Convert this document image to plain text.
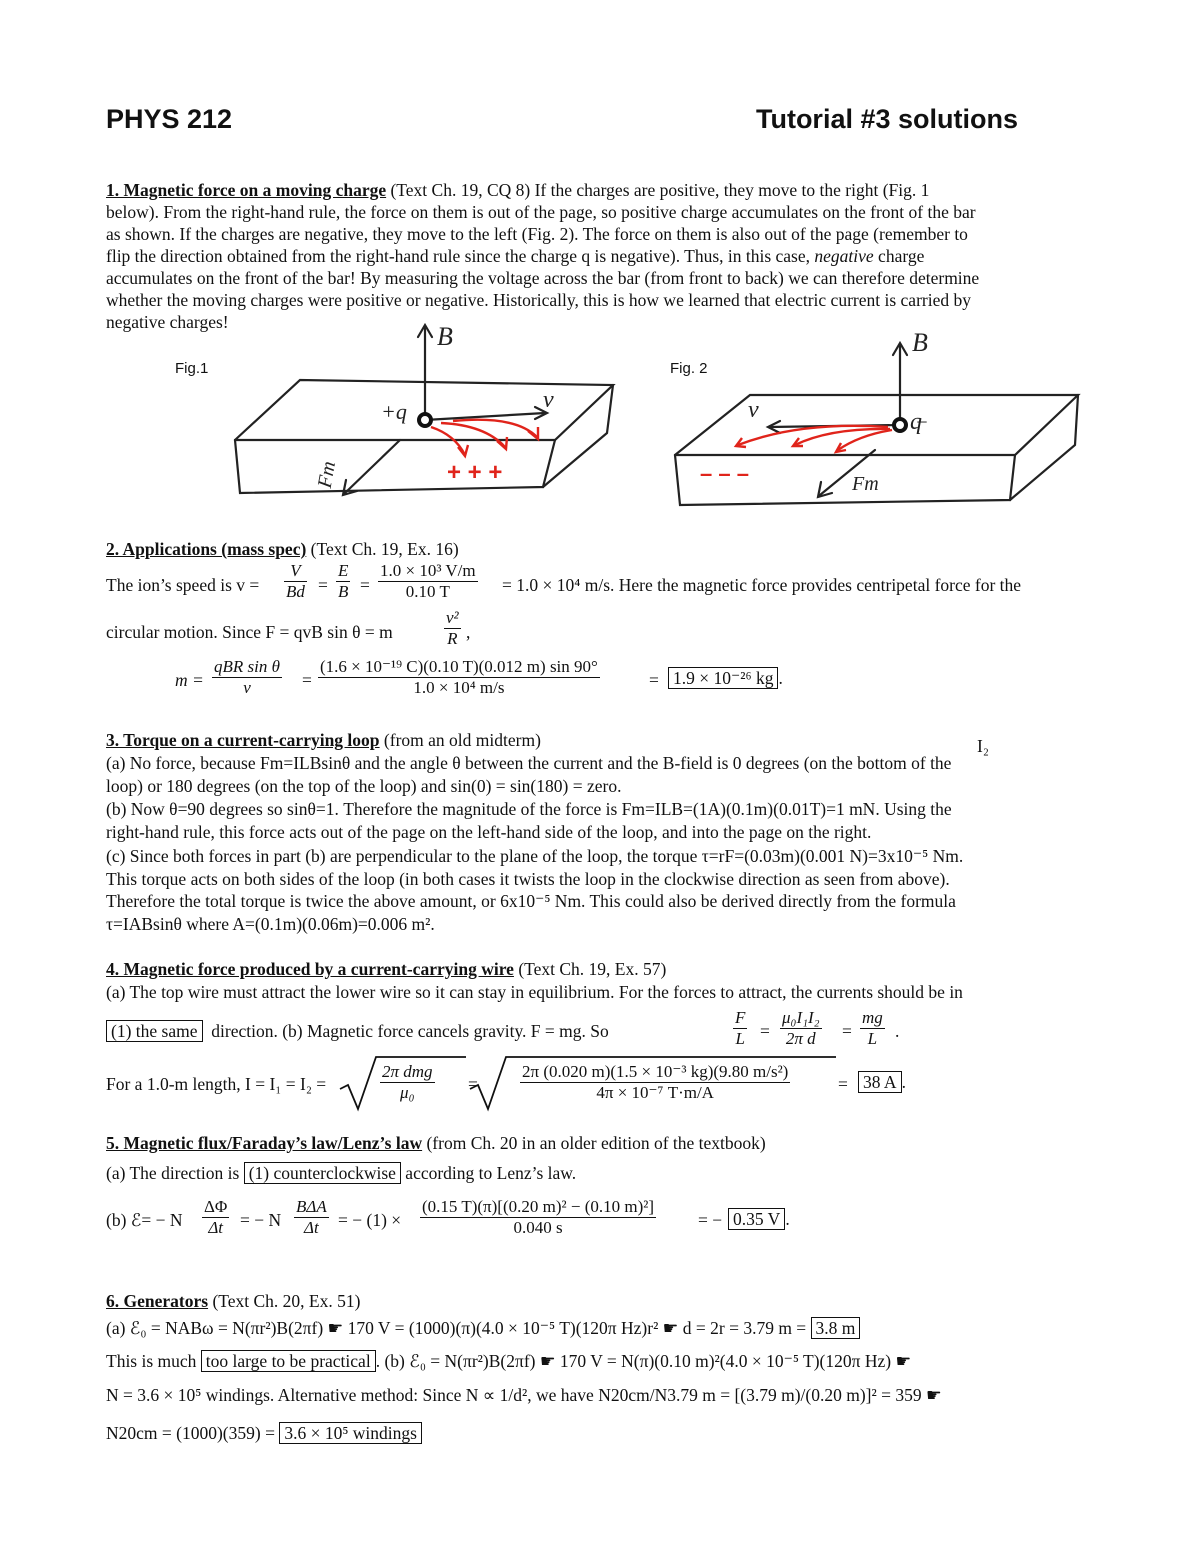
PHYS 212	Tutorial #3 solutions
1. Magnetic force on a moving charge (Text Ch. 19, CQ 8) If the charges are positive, they move to the right (Fig. 1
below). From the right-hand rule, the force on them is out of the page, so positive charge accumulates on the front of the bar
as shown. If the charges are negative, they move to the left (Fig. 2). The force on them is also out of the page (remember to
flip the direction obtained from the right-hand rule since the charge q is negative). Thus, in this case, negative charge
accumulates on the front of the bar! By measuring the voltage across the bar (from front to back) we can therefore determine
whether the moving charges were positive or negative. Historically, this is how we learned that electric current is carried by
negative charges!
Fig.1
B
+q	v
Fm	+ + +
Fig. 2
B
q
‾
v
Fm
– – –
2. Applications (mass spec) (Text Ch. 19, Ex. 16)
The ion’s speed is $v = \frac{V}{Bd} = \frac{E}{B} = \frac{\text{1.0 × 10³ V/m}}{0.10 T} = 1.0 \times 10^4$ m/s. Here the magnetic force provides centripetal force for the
circular motion. Since F = qvB sin θ = m	$\frac{\text{v²}}{R}$ ,
m =
qBR sin θ
v	= $\frac{\text{(1.6 × 10⁻¹⁹ C)(0.10 T)(0.012 m) sin 90°}}{\text{1.0 × 10⁴ m/s}}$	= 1.9 × 10⁻²⁶ kg .
3. Torque on a current-carrying loop (from an old midterm)	I₂
(a) No force, because Fm=ILBsinθ and the angle θ between the current and the B-field is 0 degrees (on the bottom of the
loop) or 180 degrees (on the top of the loop) and sin(0) = sin(180) = zero.
(b) Now θ=90 degrees so sinθ=1. Therefore the magnitude of the force is Fm=ILB=(1A)(0.1m)(0.01T)=1 mN. Using the
right-hand rule, this force acts out of the page on the left-hand side of the loop, and into the page on the right.
(c) Since both forces in part (b) are perpendicular to the plane of the loop, the torque τ=rF=(0.03m)(0.001 N)=3x10⁻⁵ Nm.
This torque acts on both sides of the loop (in both cases it twists the loop in the clockwise direction as seen from above).
Therefore the total torque is twice the above amount, or 6x10⁻⁵ Nm. This could also be derived directly from the formula
τ=IABsinθ where A=(0.1m)(0.06m)=0.006 m².
4. Magnetic force produced by a current-carrying wire (Text Ch. 19, Ex. 57)
(a) The top wire must attract the lower wire so it can stay in equilibrium. For the forces to attract, the currents should be in
(1) the same direction. (b) Magnetic force cancels gravity. F = mg. So	$\frac{F}{L} = \frac{\text{μ₀I₁I₂}}{\text{2π d}} = \frac{mg}{L}$ .
For a 1.0-m length, I = I₁ = I₂ =
2π dmg
μ₀	= $\frac{\text{2π (0.020 m)(1.5 × 10⁻³ kg)(9.80 m/s²)}}{\text{4π × 10⁻⁷ T·m/A}}$	= 38 A .
5. Magnetic flux/Faraday’s law/Lenz’s law (from Ch. 20 in an older edition of the textbook)
(a) The direction is (1) counterclockwise according to Lenz’s law.
(b) ℰ= − N $\frac{\Delta\Phi}{\Delta t}$ = − N
BΔA
Δt	= − $(1) \times \frac{\text{(0.15 T)(π)[(0.20 m)² − (0.10 m)²]}}{0.040 s}$ = − 0.35 V .
6. Generators (Text Ch. 20, Ex. 51)
(a) ℰ₀ = NABω = N(πr²)B(2πf) ☛ 170 V = (1000)(π)(4.0 × 10⁻⁵ T)(120π Hz)r² ☛ d = 2r = 3.79 m = 3.8 m
This is much too large to be practical . (b) ℰ₀ = N(πr²)B(2πf) ☛ 170 V = N(π)(0.10 m)²(4.0 × 10⁻⁵ T)(120π Hz) ☛
N = 3.6 × 10⁵ windings. Alternative method: Since N ∝ 1/d², we have N20cm/N3.79 m = [(3.79 m)/(0.20 m)]² = 359 ☛
N20cm = (1000)(359) = 3.6 × 10⁵ windings
